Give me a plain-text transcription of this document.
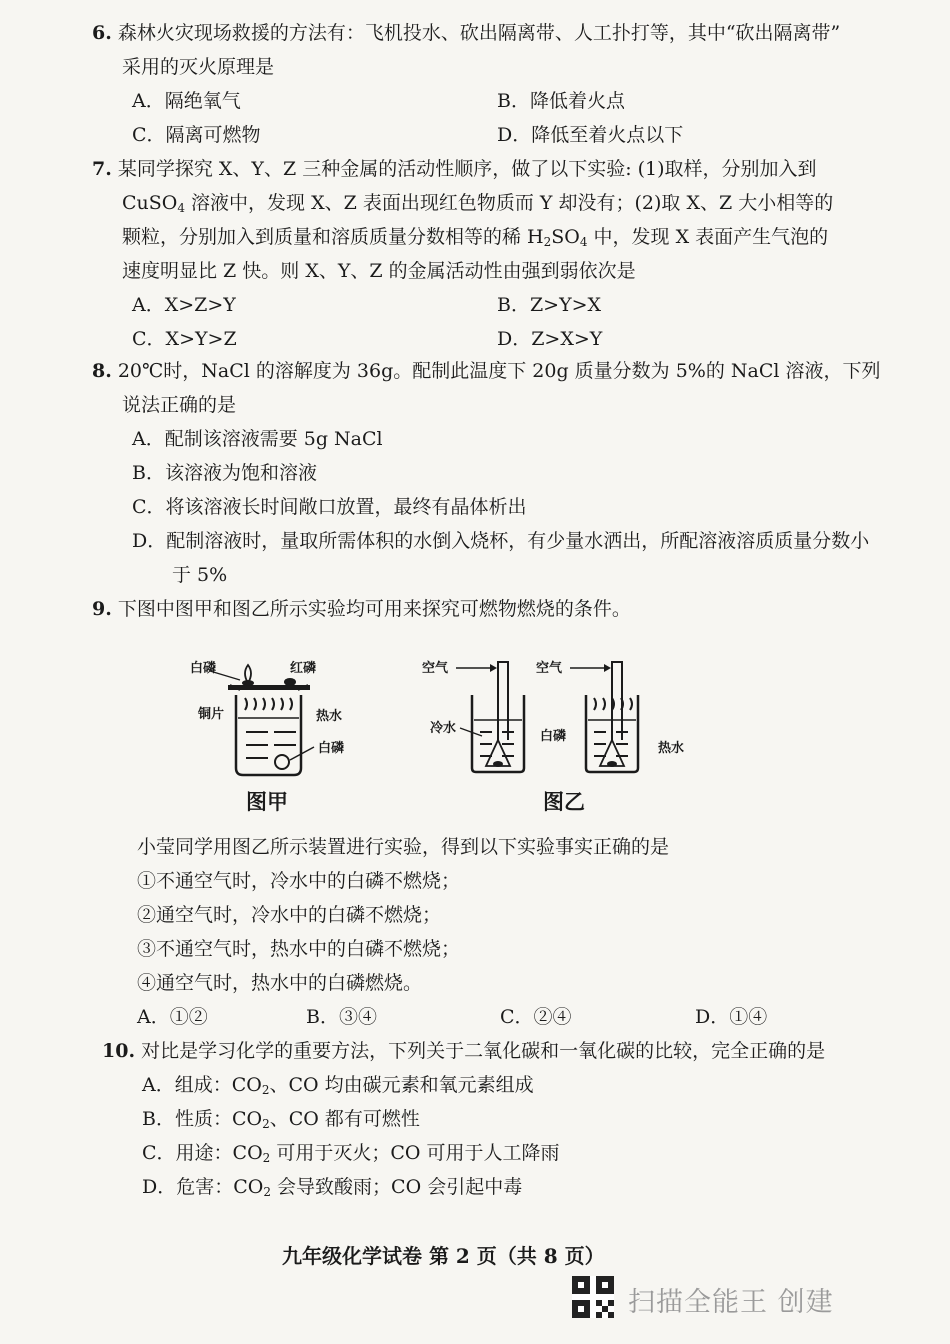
6. 森林火灾现场救援的方法有：飞机投水、砍出隔离带、人工扑打等，其中“砍出隔离带”

采用的灭火原理是

A．隔绝氧气	B．降低着火点
C．隔离可燃物	D．降低至着火点以下

7. 某同学探究 X、Y、Z 三种金属的活动性顺序，做了以下实验: (1)取样，分别加入到

CuSO$_4$ 溶液中，发现 X、Z 表面出现红色物质而 Y 却没有；(2)取 X、Z 大小相等的

颗粒，分别加入到质量和溶质质量分数相等的稀 $H_2SO_4$ 中，发现 X 表面产生气泡的

速度明显比 Z 快。则 X、Y、Z 的金属活动性由强到弱依次是

A．X>Z>Y	B．Z>Y>X
C．X>Y>Z	D．Z>X>Y

8. 20℃时，NaCl 的溶解度为 36g。配制此温度下 20g 质量分数为 5%的 NaCl 溶液，下列

说法正确的是

A．配制该溶液需要 5g NaCl
B．该溶液为饱和溶液
C．将该溶液长时间敞口放置，最终有晶体析出
D．配制溶液时，量取所需体积的水倒入烧杯，有少量水洒出，所配溶液溶质质量分数小于 5%

9. 下图中图甲和图乙所示实验均可用来探究可燃物燃烧的条件。

白磷	红磷
铜片	热水
白磷
空气
冷水
空气
白磷
热水
图甲	图乙
小莹同学用图乙所示装置进行实验，得到以下实验事实正确的是
①不通空气时，冷水中的白磷不燃烧；
②通空气时，冷水中的白磷不燃烧；
③不通空气时，热水中的白磷不燃烧；
④通空气时，热水中的白磷燃烧。
A．①②	B．③④	C．②④	D．①④

10. 对比是学习化学的重要方法，下列关于二氧化碳和一氧化碳的比较，完全正确的是

A．组成：$CO_2$、CO 均由碳元素和氧元素组成
B．性质：$CO_2$、CO 都有可燃性
C．用途：$CO_2$ 可用于灭火；CO 可用于人工降雨
D．危害：$CO_2$ 会导致酸雨；CO 会引起中毒
九年级化学试卷 第 2 页（共 8 页）
扫描全能王 创建
